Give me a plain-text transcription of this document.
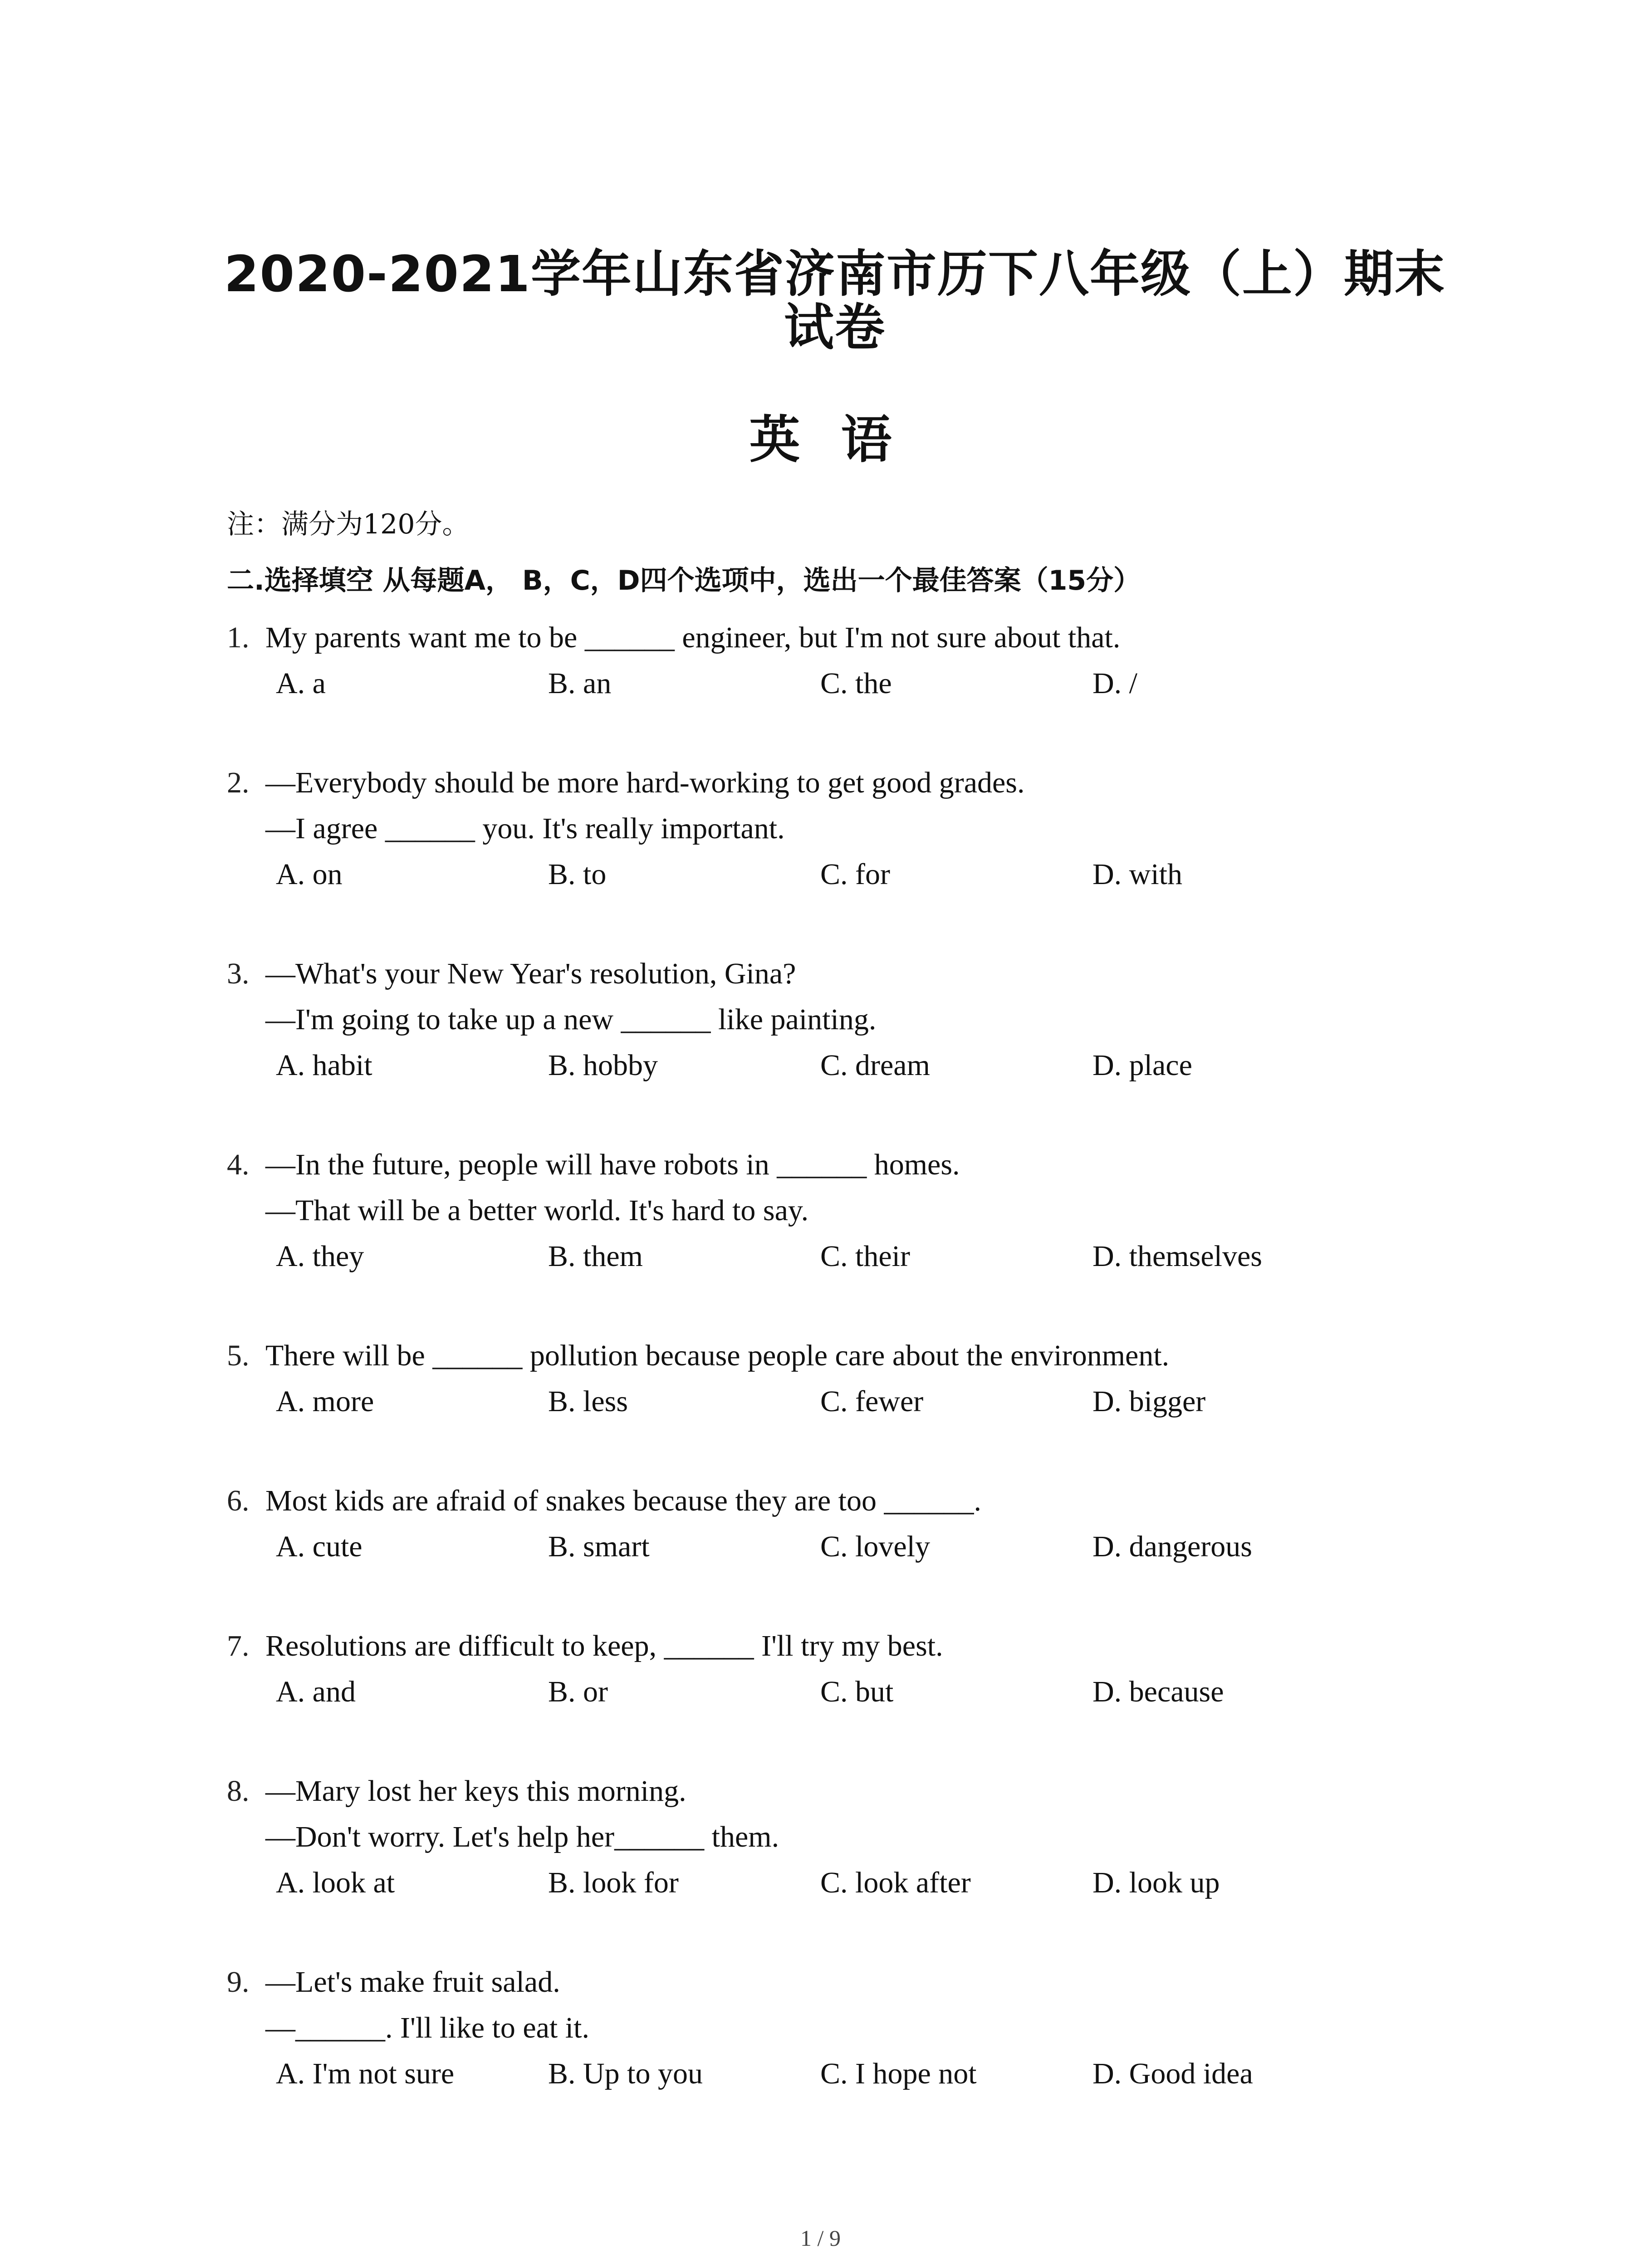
2020-2021学年山东省济南市历下八年级（上）期末试卷
英语
注：满分为120分。
二.选择填空 从每题A， B，C，D四个选项中，选出一个最佳答案（15分）
1. My parents want me to be ______ engineer, but I'm not sure about that.
A. a	B. an	C. the	D. /
2. —Everybody should be more hard-working to get good grades.
—I agree ______ you. It's really important.
A. on	B. to	C. for	D. with
3. —What's your New Year's resolution, Gina?
—I'm going to take up a new ______ like painting.
A. habit	B. hobby	C. dream	D. place
4. —In the future, people will have robots in ______ homes.
—That will be a better world. It's hard to say.
A. they	B. them	C. their	D. themselves
5. There will be ______ pollution because people care about the environment.
A. more	B. less	C. fewer	D. bigger
6. Most kids are afraid of snakes because they are too ______.
A. cute	B. smart	C. lovely	D. dangerous
7. Resolutions are difficult to keep, ______ I'll try my best.
A. and	B. or	C. but	D. because
8. —Mary lost her keys this morning.
—Don't worry. Let's help her______ them.
A. look at	B. look for	C. look after	D. look up
9. —Let's make fruit salad.
—______. I'll like to eat it.
A. I'm not sure	B. Up to you	C. I hope not	D. Good idea
1 / 9
